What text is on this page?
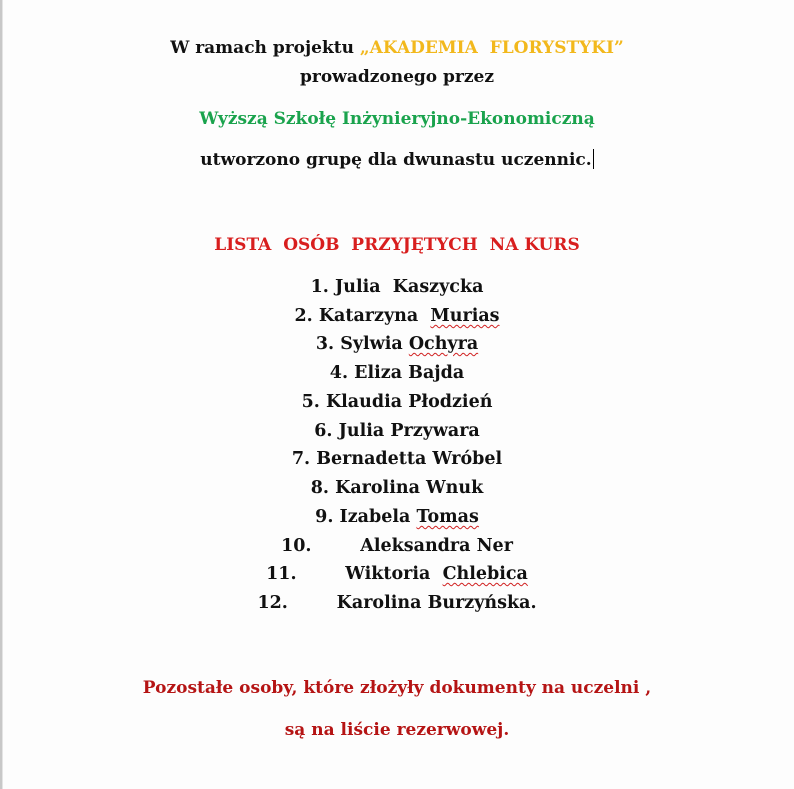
W ramach projektu „AKADEMIA  FLORYSTYKI”
prowadzonego przez
Wyższą Szkołę Inżynieryjno-Ekonomiczną
utworzono grupę dla dwunastu uczennic.
LISTA  OSÓB  PRZYJĘTYCH  NA KURS
1. Julia  Kaszycka
2. Katarzyna  Murias
3. Sylwia Ochyra
4. Eliza Bajda
5. Klaudia Płodzień
6. Julia Przywara
7. Bernadetta Wróbel
8. Karolina Wnuk
9. Izabela Tomas
10.	Aleksandra Ner
11.	Wiktoria  Chlebica
12.	Karolina Burzyńska.
Pozostałe osoby, które złożyły dokumenty na uczelni ,
są na liście rezerwowej.
